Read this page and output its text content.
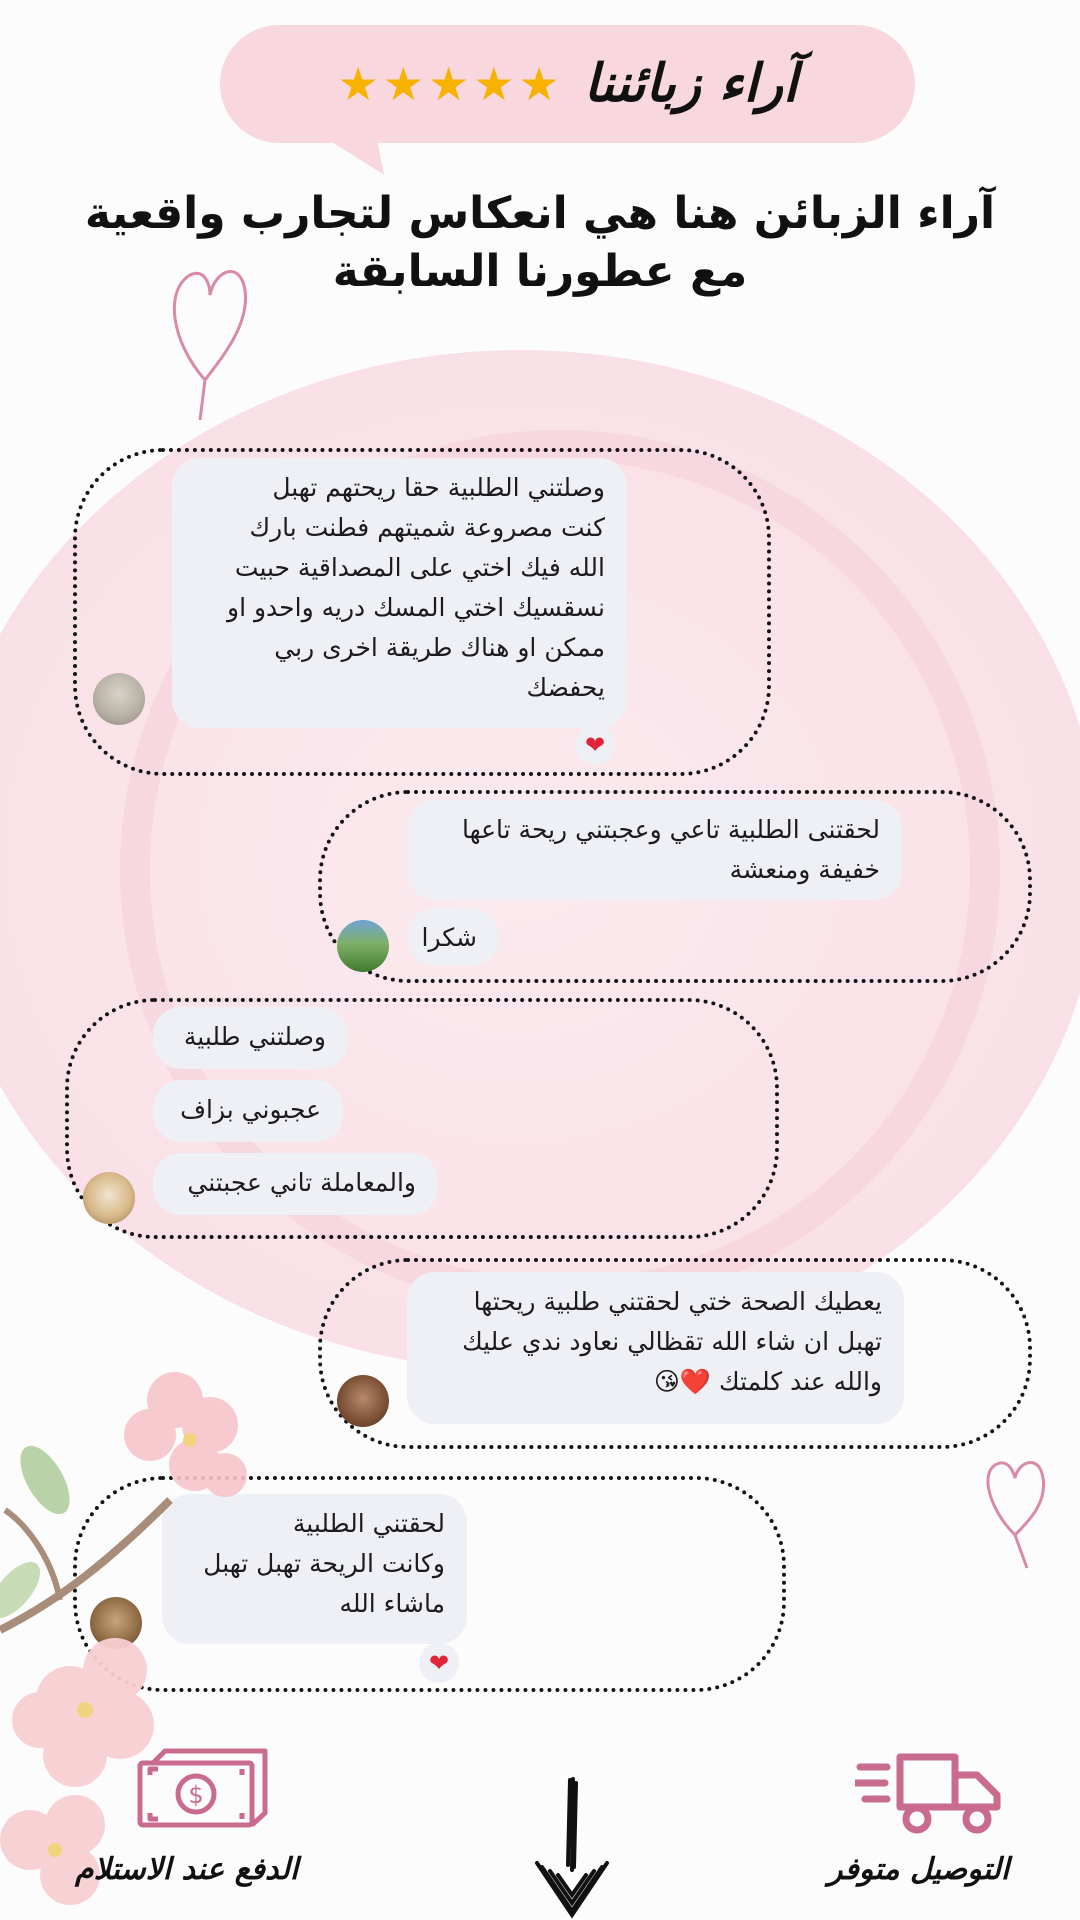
آراء زبائننا
★ ★ ★ ★ ★
آراء الزبائن هنا هي انعكاس لتجارب واقعية
مع عطورنا السابقة
وصلتني الطلبية حقا ريحتهم تهبل
كنت مصروعة شميتهم فطنت بارك
الله فيك اختي على المصداقية حبيت
نسقسيك اختي المسك دريه واحدو او
ممكن او هناك طريقة اخرى ربي
يحفضك
❤
لحقتنى الطلبية تاعي وعجبتني ريحة تاعها
خفيفة ومنعشة
شكرا
وصلتني طلبية
عجبوني بزاف
والمعاملة تاني عجبتني
يعطيك الصحة ختي لحقتني طلبية ريحتها
تهبل ان شاء الله تقظالي نعاود ندي عليك
والله عند كلمتك ❤️😘
لحقتني الطلبية
وكانت الريحة تهبل تهبل
ماشاء الله
❤
التوصيل متوفر
$
الدفع عند الاستلام
